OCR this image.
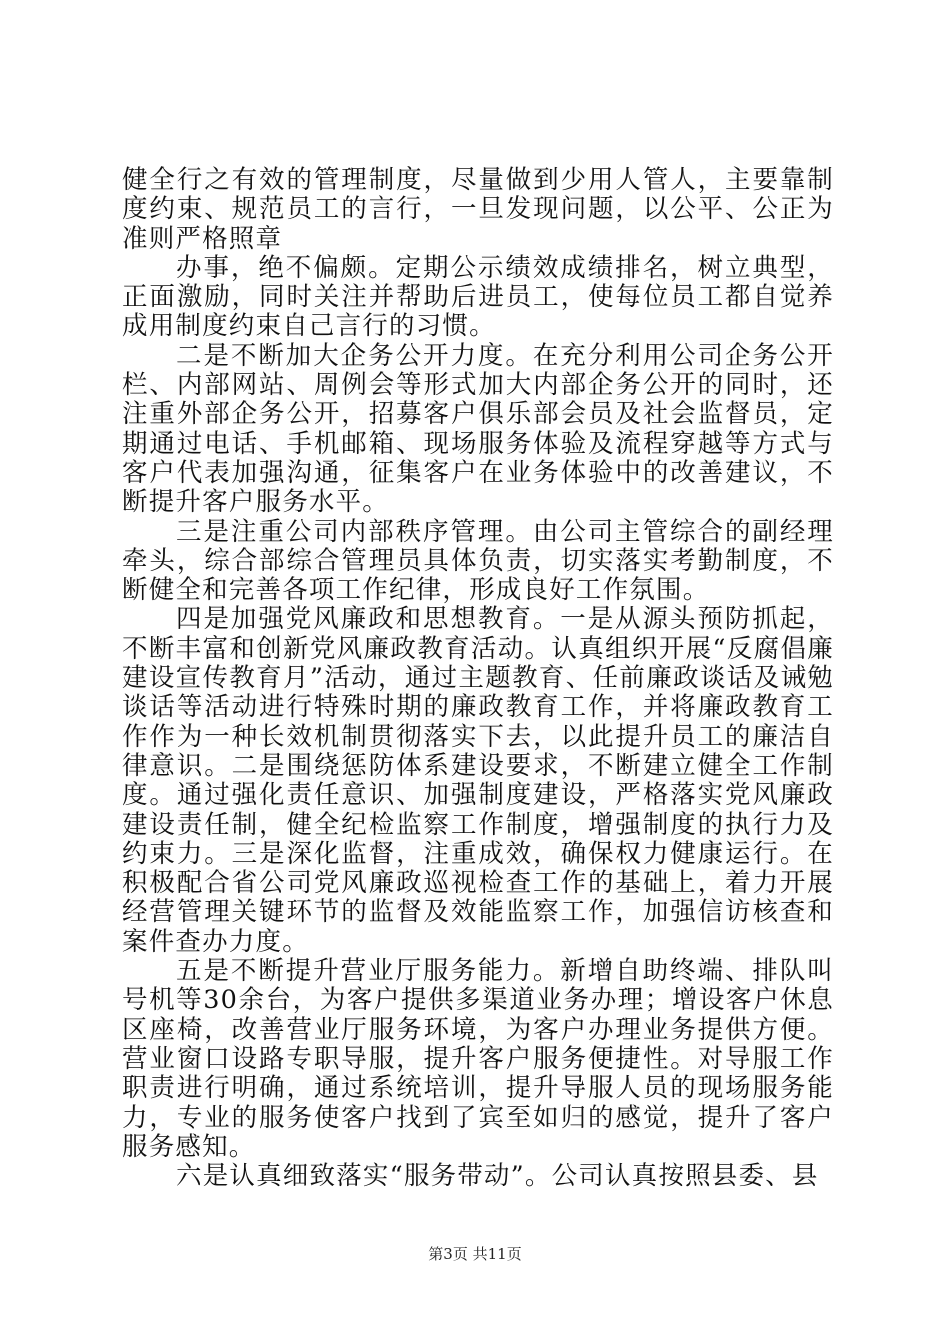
健全行之有效的管理制度，尽量做到少用人管人，主要靠制度约束、规范员工的言行，一旦发现问题，以公平、公正为准则严格照章

办事，绝不偏颇。定期公示绩效成绩排名，树立典型，正面激励，同时关注并帮助后进员工，使每位员工都自觉养成用制度约束自己言行的习惯。

二是不断加大企务公开力度。在充分利用公司企务公开栏、内部网站、周例会等形式加大内部企务公开的同时，还注重外部企务公开，招募客户俱乐部会员及社会监督员，定期通过电话、手机邮箱、现场服务体验及流程穿越等方式与客户代表加强沟通，征集客户在业务体验中的改善建议，不断提升客户服务水平。

三是注重公司内部秩序管理。由公司主管综合的副经理牵头，综合部综合管理员具体负责，切实落实考勤制度，不断健全和完善各项工作纪律，形成良好工作氛围。

四是加强党风廉政和思想教育。一是从源头预防抓起，不断丰富和创新党风廉政教育活动。认真组织开展“反腐倡廉建设宣传教育月”活动，通过主题教育、任前廉政谈话及诫勉谈话等活动进行特殊时期的廉政教育工作，并将廉政教育工作作为一种长效机制贯彻落实下去，以此提升员工的廉洁自律意识。二是围绕惩防体系建设要求，不断建立健全工作制度。通过强化责任意识、加强制度建设，严格落实党风廉政建设责任制，健全纪检监察工作制度，增强制度的执行力及约束力。三是深化监督，注重成效，确保权力健康运行。在积极配合省公司党风廉政巡视检查工作的基础上，着力开展经营管理关键环节的监督及效能监察工作，加强信访核查和案件查办力度。

五是不断提升营业厅服务能力。新增自助终端、排队叫号机等30余台，为客户提供多渠道业务办理；增设客户休息区座椅，改善营业厅服务环境，为客户办理业务提供方便。营业窗口设路专职导服，提升客户服务便捷性。对导服工作职责进行明确，通过系统培训，提升导服人员的现场服务能力，专业的服务使客户找到了宾至如归的感觉，提升了客户服务感知。

六是认真细致落实“服务带动”。公司认真按照县委、县

第3页 共11页
